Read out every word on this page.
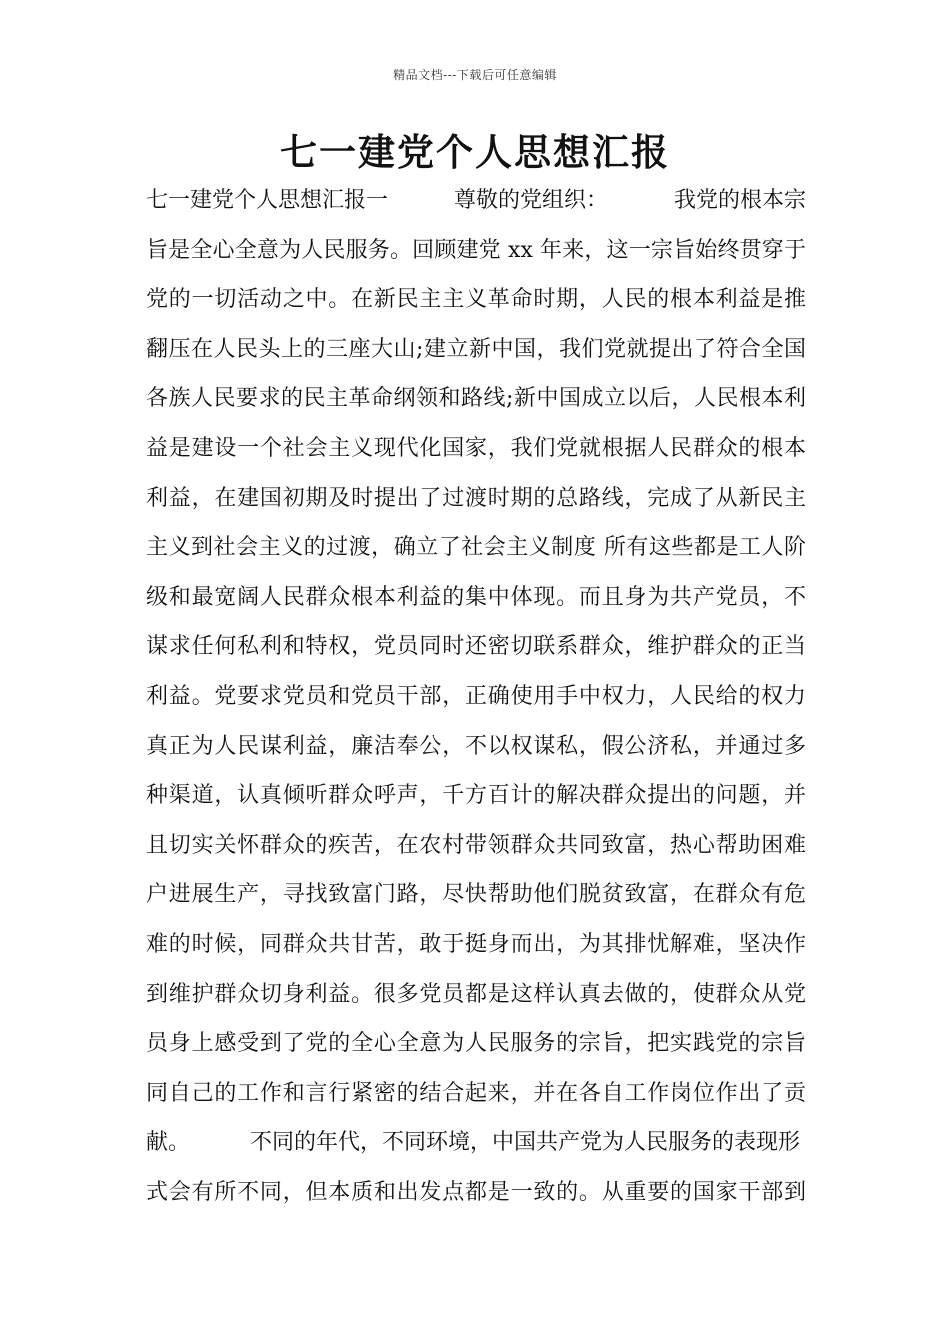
精品文档---下载后可任意编辑
七一建党个人思想汇报
七一建党个人思想汇报一	尊敬的党组织：	我党的根本宗
旨是全心全意为人民服务。回顾建党 xx 年来，这一宗旨始终贯穿于
党的一切活动之中。在新民主主义革命时期，人民的根本利益是推
翻压在人民头上的三座大山;建立新中国，我们党就提出了符合全国
各族人民要求的民主革命纲领和路线;新中国成立以后，人民根本利
益是建设一个社会主义现代化国家，我们党就根据人民群众的根本
利益，在建国初期及时提出了过渡时期的总路线，完成了从新民主
主义到社会主义的过渡，确立了社会主义制度 所有这些都是工人阶
级和最宽阔人民群众根本利益的集中体现。而且身为共产党员，不
谋求任何私利和特权，党员同时还密切联系群众，维护群众的正当
利益。党要求党员和党员干部，正确使用手中权力，人民给的权力
真正为人民谋利益，廉洁奉公，不以权谋私，假公济私，并通过多
种渠道，认真倾听群众呼声，千方百计的解决群众提出的问题，并
且切实关怀群众的疾苦，在农村带领群众共同致富，热心帮助困难
户进展生产，寻找致富门路，尽快帮助他们脱贫致富，在群众有危
难的时候，同群众共甘苦，敢于挺身而出，为其排忧解难，坚决作
到维护群众切身利益。很多党员都是这样认真去做的，使群众从党
员身上感受到了党的全心全意为人民服务的宗旨，把实践党的宗旨
同自己的工作和言行紧密的结合起来，并在各自工作岗位作出了贡
献。	不同的年代，不同环境，中国共产党为人民服务的表现形
式会有所不同，但本质和出发点都是一致的。从重要的国家干部到
